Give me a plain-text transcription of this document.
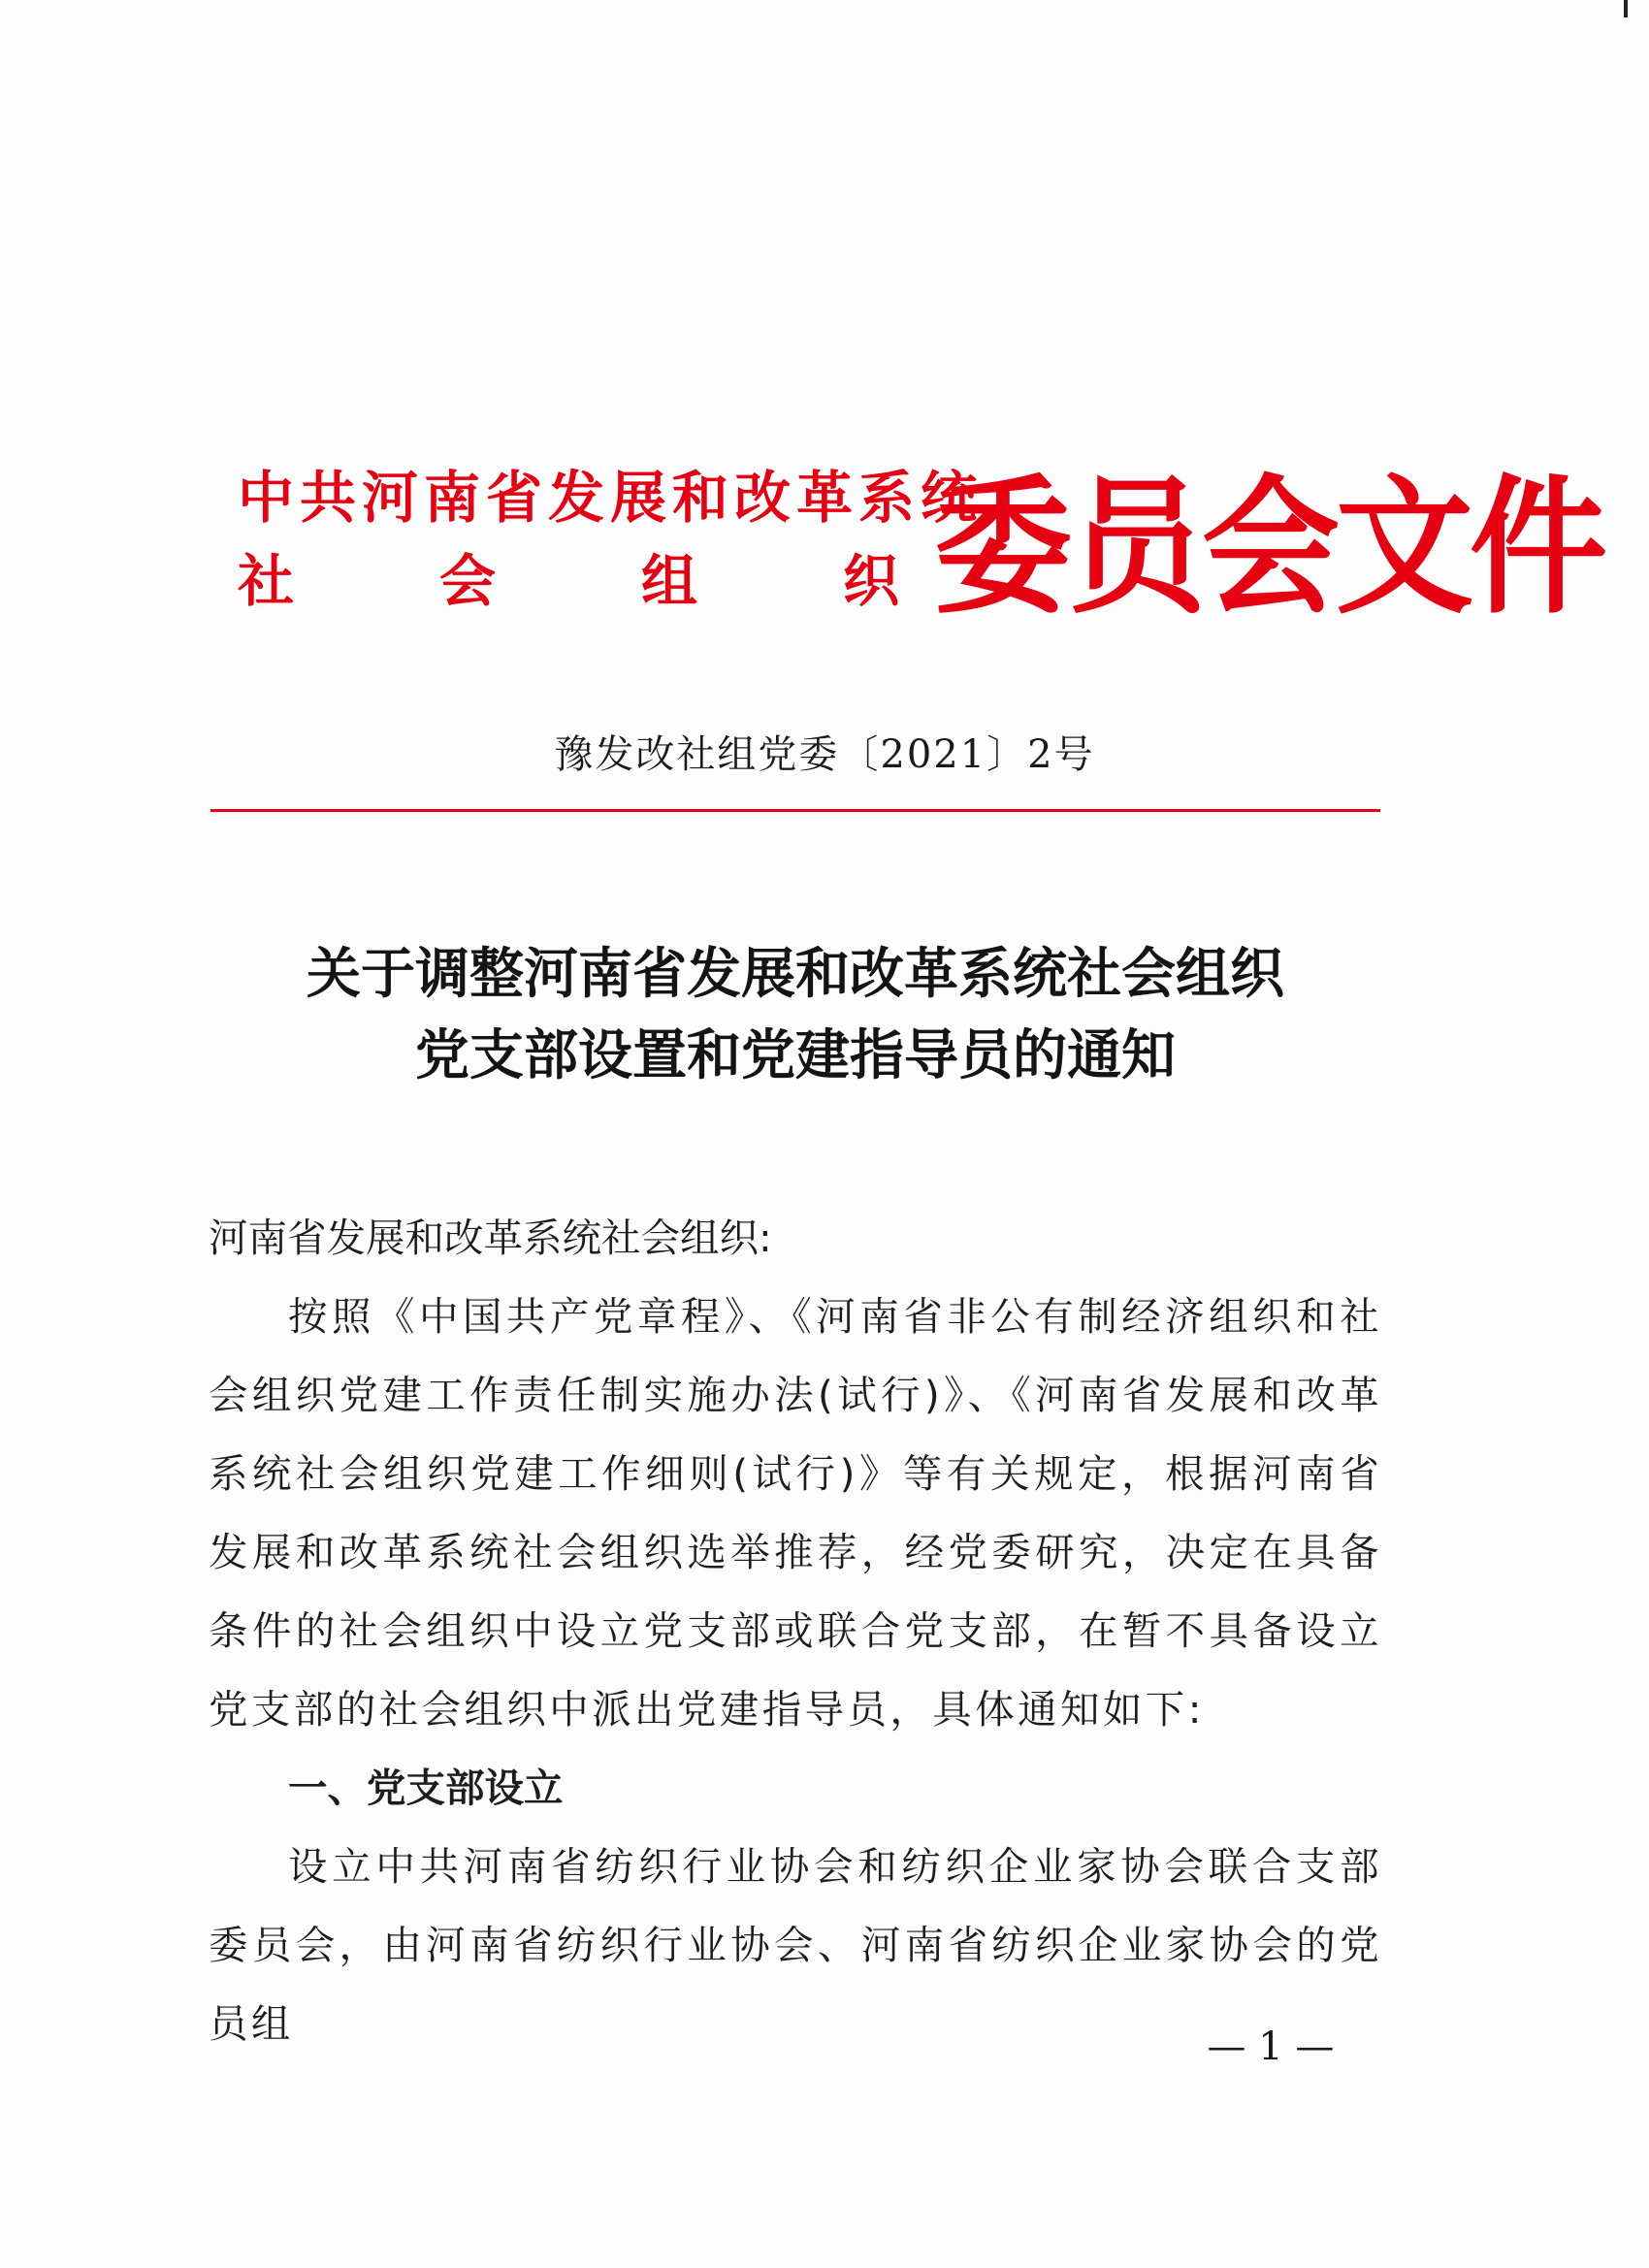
中共河南省发展和改革系统
社 会 组 织 委员会文件
豫发改社组党委〔2021〕2号
关于调整河南省发展和改革系统社会组织
党支部设置和党建指导员的通知

河南省发展和改革系统社会组织:

按照《中国共产党章程》、《河南省非公有制经济组织和社会组织党建工作责任制实施办法(试行)》、《河南省发展和改革系统社会组织党建工作细则(试行)》等有关规定，根据河南省发展和改革系统社会组织选举推荐，经党委研究，决定在具备条件的社会组织中设立党支部或联合党支部，在暂不具备设立党支部的社会组织中派出党建指导员，具体通知如下:

一、党支部设立

设立中共河南省纺织行业协会和纺织企业家协会联合支部委员会，由河南省纺织行业协会、河南省纺织企业家协会的党员组	— 1 —
